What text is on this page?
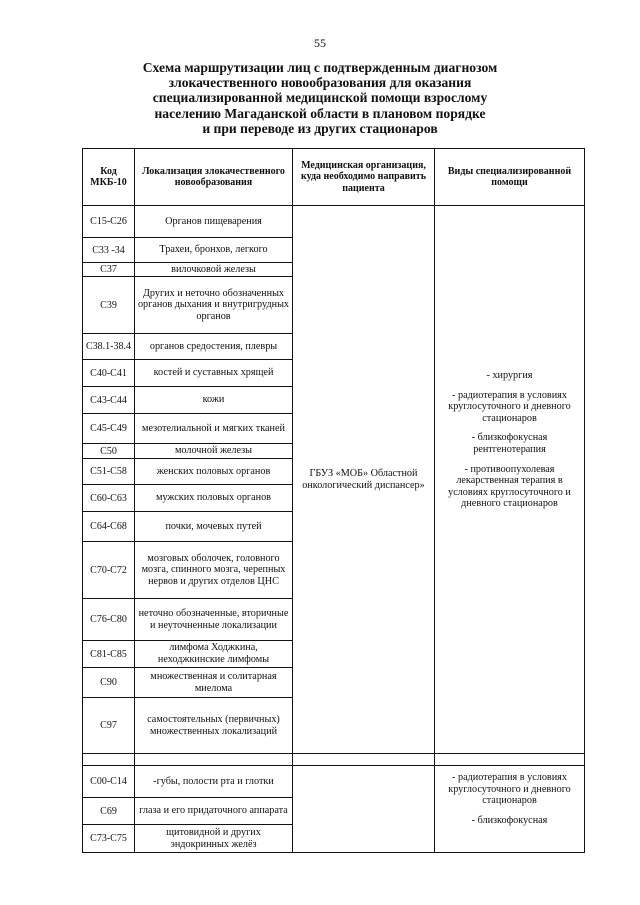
55
Схема маршрутизации лиц с подтвержденным диагнозом
злокачественного новообразования для оказания
специализированной медицинской помощи взрослому
населению Магаданской области в плановом порядке
и при переводе из других стационаров
Код МКБ-10	Локализация злокачественного новообразования	Медицинская организация, куда необходимо направить пациента	Виды специализированной помощи
С15-С26	Органов пищеварения	ГБУЗ «МОБ» Областной онкологический диспансер»	- хирургия
- радиотерапия в условиях круглосуточного и дневного стационаров
- близкофокусная рентгенотерапия
- противоопухолевая лекарственная терапия в условиях круглосуточного и дневного стационаров

С33 -34	Трахеи, бронхов, легкого		
С37	вилочковой железы		
С39	Других и неточно обозначенных органов дыхания и внутригрудных органов		
С38.1-38.4	органов средостения, плевры		
С40-С41	костей и суставных хрящей		
С43-С44	кожи		
С45-С49	мезотелиальной и мягких тканей		
С50	молочной железы		
С51-С58	женских половых органов		
С60-С63	мужских половых органов		
С64-С68	почки, мочевых путей		
С70-С72	мозговых оболочек, головного мозга, спинного мозга, черепных нервов и других отделов ЦНС		
С76-С80	неточно обозначенные, вторичные и неуточненные локализации		
С81-С85	лимфома Ходжкина, неходжкинские лимфомы		
С90	множественная и солитарная миелома		
С97	самостоятельных (первичных) множественных локализаций		

С00-С14	-губы, полости рта и глотки		- радиотерапия в условиях круглосуточного и дневного стационаров
- близкофокусная

С69	глаза и его придаточного аппарата		
С73-С75	щитовидной и других эндокринных желёз		
